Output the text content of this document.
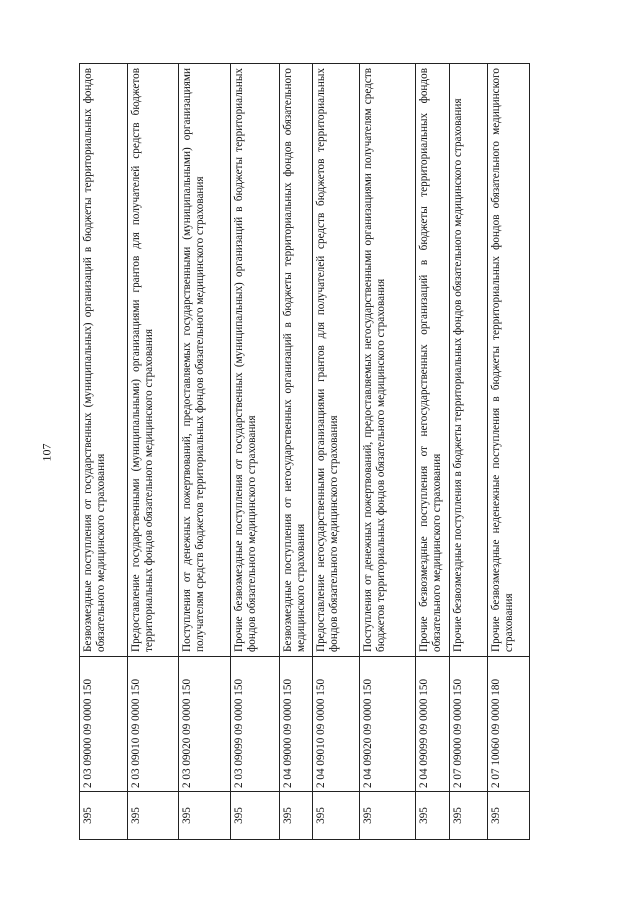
107
395	2 03 09000 09 0000 150	Безвозмездные поступления от государственных (муниципальных) организаций в бюджеты территориальных фондов обязательного медицинского страхования
395	2 03 09010 09 0000 150	Предоставление государственными (муниципальными) организациями грантов для получателей средств бюджетов территориальных фондов обязательного медицинского страхования
395	2 03 09020 09 0000 150	Поступления от денежных пожертвований, предоставляемых государственными (муниципальными) организациями получателям средств бюджетов территориальных фондов обязательного медицинского страхования
395	2 03 09099 09 0000 150	Прочие безвозмездные поступления от государственных (муниципальных) организаций в бюджеты территориальных фондов обязательного медицинского страхования
395	2 04 09000 09 0000 150	Безвозмездные поступления от негосударственных организаций в бюджеты территориальных фондов обязательного медицинского страхования
395	2 04 09010 09 0000 150	Предоставление негосударственными организациями грантов для получателей средств бюджетов территориальных фондов обязательного медицинского страхования
395	2 04 09020 09 0000 150	Поступления от денежных пожертвований, предоставляемых негосударственными организациями получателям средств бюджетов территориальных фондов обязательного медицинского страхования
395	2 04 09099 09 0000 150	Прочие безвозмездные поступления от негосударственных организаций в бюджеты территориальных фондов обязательного медицинского страхования
395	2 07 09000 09 0000 150	Прочие безвозмездные поступления в бюджеты территориальных фондов обязательного медицинского страхования
395	2 07 10060 09 0000 180	Прочие безвозмездные неденежные поступления в бюджеты территориальных фондов обязательного медицинского страхования
